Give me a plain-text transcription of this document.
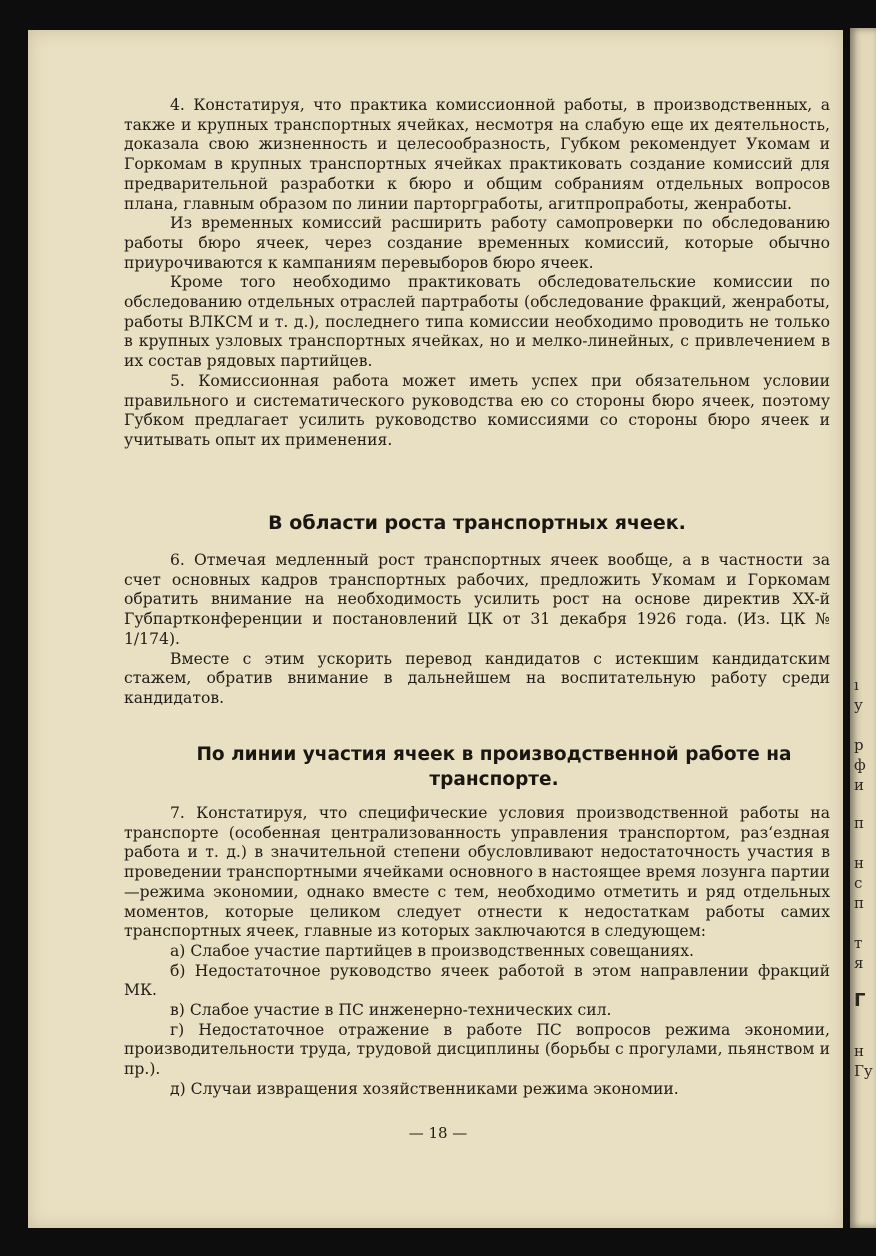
ı
у
р
ф
и
п
н
с
п
т
я
Г
н
Гу

4. Констатируя, что практика комиссионной работы, в производственных, а также и крупных транспортных ячейках, несмотря на слабую еще их деятельность, доказала свою жизненность и целесообразность, Губком рекомендует Укомам и Горкомам в крупных транспортных ячейках практиковать создание комиссий для предварительной разработки к бюро и общим собраниям отдельных вопросов плана, главным образом по линии парторгработы, агитпропработы, женработы.

Из временных комиссий расширить работу самопроверки по обследованию работы бюро ячеек, через создание временных комиссий, которые обычно приурочиваются к кампаниям перевыборов бюро ячеек.

Кроме того необходимо практиковать обследовательские комиссии по обследованию отдельных отраслей партработы (обследование фракций, женработы, работы ВЛКСМ и т. д.), последнего типа комиссии необходимо проводить не только в крупных узловых транспортных ячейках, но и мелко-линейных, с привлечением в их состав рядовых партийцев.

5. Комиссионная работа может иметь успех при обязательном условии правильного и систематического руководства ею со стороны бюро ячеек, поэтому Губком предлагает усилить руководство комиссиями со стороны бюро ячеек и учитывать опыт их применения.

В области роста транспортных ячеек.

6. Отмечая медленный рост транспортных ячеек вообще, а в частности за счет основных кадров транспортных рабочих, предложить Укомам и Горкомам обратить внимание на необходимость усилить рост на основе директив XX-й Губпартконференции и постановлений ЦК от 31 декабря 1926 года. (Из. ЦК № 1/174).

Вместе с этим ускорить перевод кандидатов с истекшим кандидатским стажем, обратив внимание в дальнейшем на воспитательную работу среди кандидатов.

По линии участия ячеек в производственной работе на транспорте.

7. Констатируя, что специфические условия производственной работы на транспорте (особенная централизованность управления транспортом, раз‘ездная работа и т. д.) в значительной степени обусловливают недостаточность участия в проведении транспортными ячейками основного в настоящее время лозунга партии—режима экономии, однако вместе с тем, необходимо отметить и ряд отдельных моментов, которые целиком следует отнести к недостаткам работы самих транспортных ячеек, главные из которых заключаются в следующем:

а) Слабое участие партийцев в производственных совещаниях.

б) Недостаточное руководство ячеек работой в этом направлении фракций МК.

в) Слабое участие в ПС инженерно-технических сил.

г) Недостаточное отражение в работе ПС вопросов режима экономии, производительности труда, трудовой дисциплины (борьбы с прогулами, пьянством и пр.).

д) Случаи извращения хозяйственниками режима экономии.

— 18 —
